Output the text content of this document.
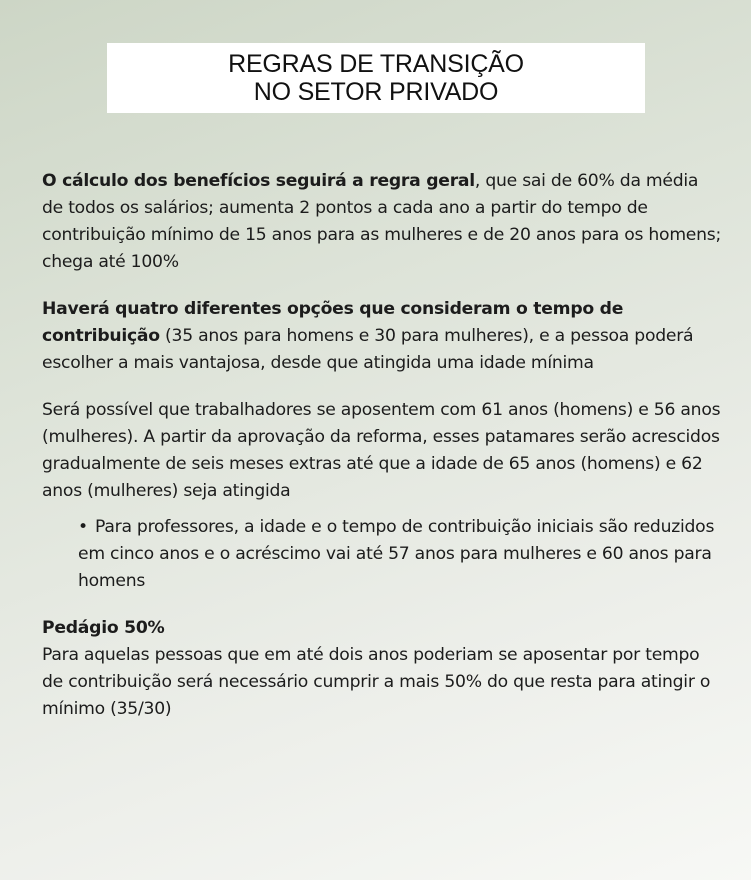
REGRAS DE TRANSIÇÃO
NO SETOR PRIVADO

O cálculo dos benefícios seguirá a regra geral, que sai de 60% da média de todos os salários; aumenta 2 pontos a cada ano a partir do tempo de contribuição mínimo de 15 anos para as mulheres e de 20 anos para os homens; chega até 100%

Haverá quatro diferentes opções que consideram o tempo de contribuição (35 anos para homens e 30 para mulheres), e a pessoa poderá escolher a mais vantajosa, desde que atingida uma idade mínima

Será possível que trabalhadores se aposentem com 61 anos (homens) e 56 anos (mulheres). A partir da aprovação da reforma, esses patamares serão acrescidos gradualmente de seis meses extras até que a idade de 65 anos (homens) e 62 anos (mulheres) seja atingida

• Para professores, a idade e o tempo de contribuição iniciais são reduzidos em cinco anos e o acréscimo vai até 57 anos para mulheres e 60 anos para homens

Pedágio 50%

Para aquelas pessoas que em até dois anos poderiam se aposentar por tempo de contribuição será necessário cumprir a mais 50% do que resta para atingir o mínimo (35/30)
